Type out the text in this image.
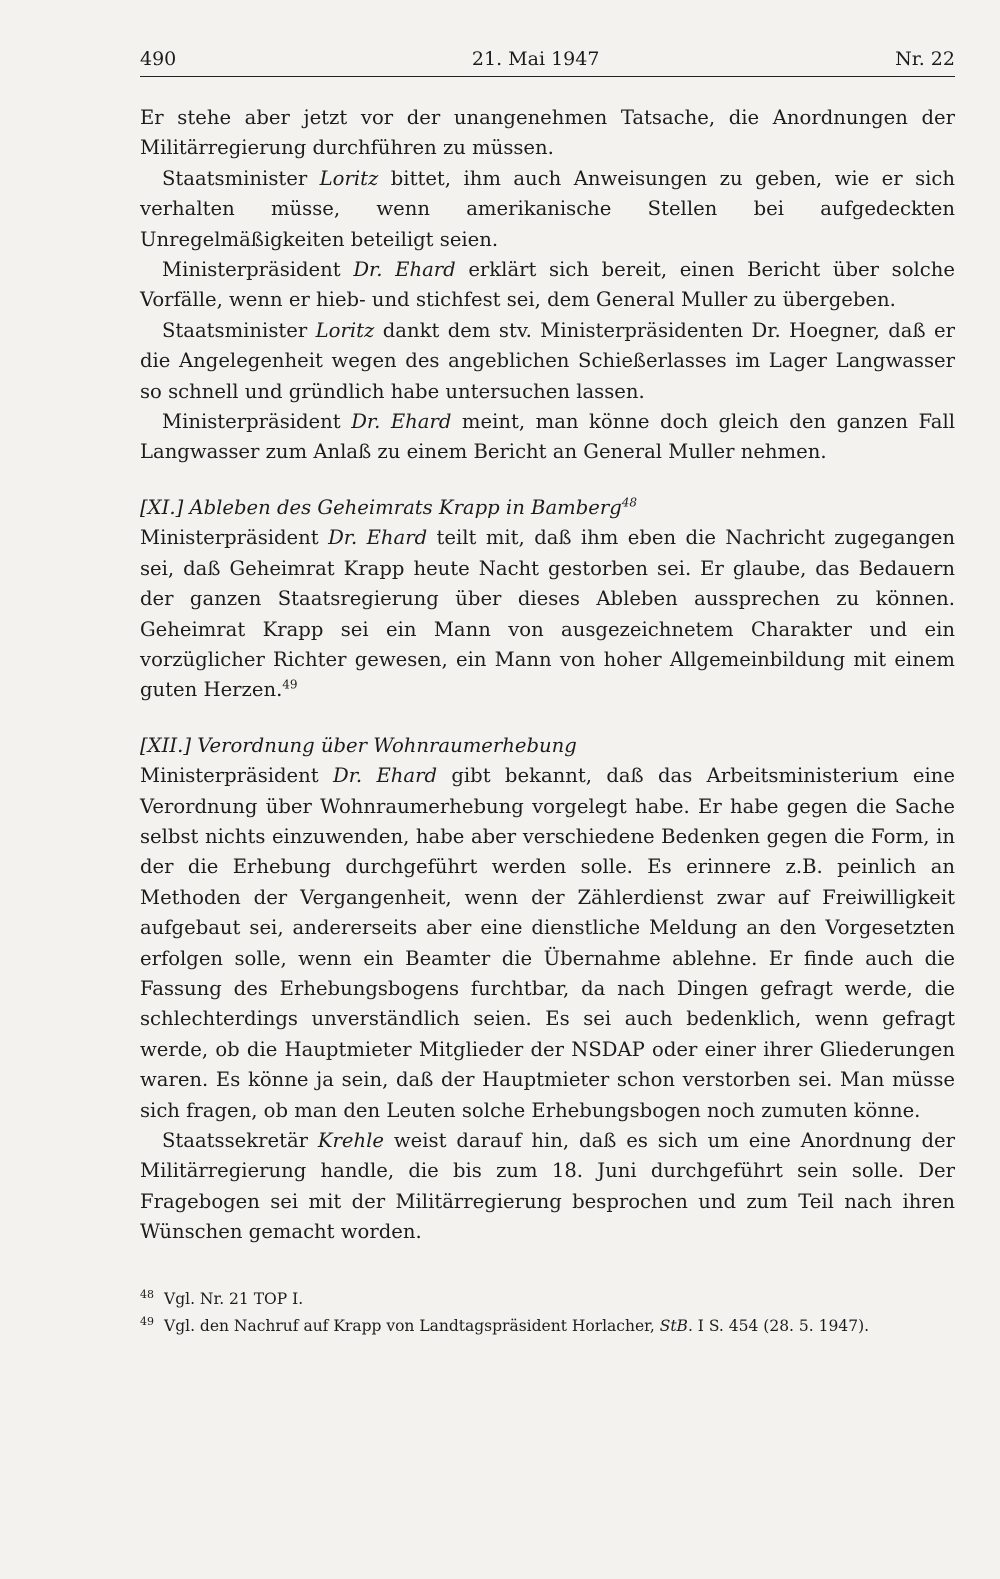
490	21. Mai 1947	Nr. 22

Er stehe aber jetzt vor der unangenehmen Tatsache, die Anordnungen der Militärregierung durchführen zu müssen.

Staatsminister Loritz bittet, ihm auch Anweisungen zu geben, wie er sich verhalten müsse, wenn amerikanische Stellen bei aufgedeckten Unregelmäßigkeiten beteiligt seien.

Ministerpräsident Dr. Ehard erklärt sich bereit, einen Bericht über solche Vorfälle, wenn er hieb- und stichfest sei, dem General Muller zu übergeben.

Staatsminister Loritz dankt dem stv. Ministerpräsidenten Dr. Hoegner, daß er die Angelegenheit wegen des angeblichen Schießerlasses im Lager Langwasser so schnell und gründlich habe untersuchen lassen.

Ministerpräsident Dr. Ehard meint, man könne doch gleich den ganzen Fall Langwasser zum Anlaß zu einem Bericht an General Muller nehmen.

[XI.] Ableben des Geheimrats Krapp in Bamberg$^{48}$

Ministerpräsident Dr. Ehard teilt mit, daß ihm eben die Nachricht zugegangen sei, daß Geheimrat Krapp heute Nacht gestorben sei. Er glaube, das Bedauern der ganzen Staatsregierung über dieses Ableben aussprechen zu können. Geheimrat Krapp sei ein Mann von ausgezeichnetem Charakter und ein vorzüglicher Richter gewesen, ein Mann von hoher Allgemeinbildung mit einem guten Herzen.$^{49}$

[XII.] Verordnung über Wohnraumerhebung

Ministerpräsident Dr. Ehard gibt bekannt, daß das Arbeitsministerium eine Verordnung über Wohnraumerhebung vorgelegt habe. Er habe gegen die Sache selbst nichts einzuwenden, habe aber verschiedene Bedenken gegen die Form, in der die Erhebung durchgeführt werden solle. Es erinnere z.B. peinlich an Methoden der Vergangenheit, wenn der Zählerdienst zwar auf Freiwilligkeit aufgebaut sei, andererseits aber eine dienstliche Meldung an den Vorgesetzten erfolgen solle, wenn ein Beamter die Übernahme ablehne. Er finde auch die Fassung des Erhebungsbogens furchtbar, da nach Dingen gefragt werde, die schlechterdings unverständlich seien. Es sei auch bedenklich, wenn gefragt werde, ob die Hauptmieter Mitglieder der NSDAP oder einer ihrer Gliederungen waren. Es könne ja sein, daß der Hauptmieter schon verstorben sei. Man müsse sich fragen, ob man den Leuten solche Erhebungsbogen noch zumuten könne.

Staatssekretär Krehle weist darauf hin, daß es sich um eine Anordnung der Militärregierung handle, die bis zum 18. Juni durchgeführt sein solle. Der Fragebogen sei mit der Militärregierung besprochen und zum Teil nach ihren Wünschen gemacht worden.

$^{48}$ Vgl. Nr. 21 TOP I.
$^{49}$ Vgl. den Nachruf auf Krapp von Landtagspräsident Horlacher, StB. I S. 454 (28. 5. 1947).
